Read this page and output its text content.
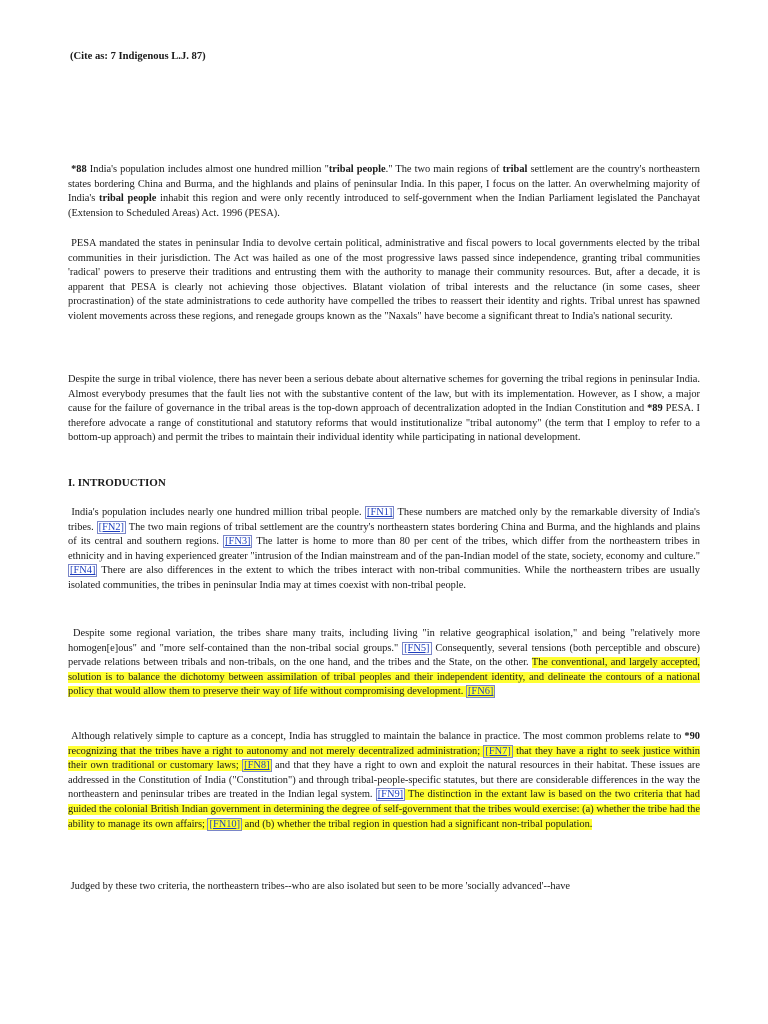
(Cite as: 7 Indigenous L.J. 87)

*88 India's population includes almost one hundred million "tribal people." The two main regions of tribal settlement are the country's northeastern states bordering China and Burma, and the highlands and plains of peninsular India. In this paper, I focus on the latter. An overwhelming majority of India's tribal people inhabit this region and were only recently introduced to self-government when the Indian Parliament legislated the Panchayat (Extension to Scheduled Areas) Act. 1996 (PESA).

PESA mandated the states in peninsular India to devolve certain political, administrative and fiscal powers to local governments elected by the tribal communities in their jurisdiction. The Act was hailed as one of the most progressive laws passed since independence, granting tribal communities 'radical' powers to preserve their traditions and entrusting them with the authority to manage their community resources. But, after a decade, it is apparent that PESA is clearly not achieving those objectives. Blatant violation of tribal interests and the reluctance (in some cases, sheer procrastination) of the state administrations to cede authority have compelled the tribes to reassert their identity and rights. Tribal unrest has spawned violent movements across these regions, and renegade groups known as the "Naxals" have become a significant threat to India's national security.

Despite the surge in tribal violence, there has never been a serious debate about alternative schemes for governing the tribal regions in peninsular India. Almost everybody presumes that the fault lies not with the substantive content of the law, but with its implementation. However, as I show, a major cause for the failure of governance in the tribal areas is the top-down approach of decentralization adopted in the Indian Constitution and *89 PESA. I therefore advocate a range of constitutional and statutory reforms that would institutionalize "tribal autonomy" (the term that I employ to refer to a bottom-up approach) and permit the tribes to maintain their individual identity while participating in national development.

I. INTRODUCTION

India's population includes nearly one hundred million tribal people. [FN1] These numbers are matched only by the remarkable diversity of India's tribes. [FN2] The two main regions of tribal settlement are the country's northeastern states bordering China and Burma, and the highlands and plains of its central and southern regions. [FN3] The latter is home to more than 80 per cent of the tribes, which differ from the northeastern tribes in ethnicity and in having experienced greater "intrusion of the Indian mainstream and of the pan-Indian model of the state, society, economy and culture." [FN4] There are also differences in the extent to which the tribes interact with non-tribal communities. While the northeastern tribes are usually isolated communities, the tribes in peninsular India may at times coexist with non-tribal people.

Despite some regional variation, the tribes share many traits, including living "in relative geographical isolation," and being "relatively more homogen[e]ous" and "more self-contained than the non-tribal social groups." [FN5] Consequently, several tensions (both perceptible and obscure) pervade relations between tribals and non-tribals, on the one hand, and the tribes and the State, on the other. The conventional, and largely accepted, solution is to balance the dichotomy between assimilation of tribal peoples and their independent identity, and delineate the contours of a national policy that would allow them to preserve their way of life without compromising development. [FN6]

Although relatively simple to capture as a concept, India has struggled to maintain the balance in practice. The most common problems relate to *90 recognizing that the tribes have a right to autonomy and not merely decentralized administration; [FN7] that they have a right to seek justice within their own traditional or customary laws; [FN8] and that they have a right to own and exploit the natural resources in their habitat. These issues are addressed in the Constitution of India ("Constitution") and through tribal-people-specific statutes, but there are considerable differences in the way the northeastern and peninsular tribes are treated in the Indian legal system. [FN9] The distinction in the extant law is based on the two criteria that had guided the colonial British Indian government in determining the degree of self-government that the tribes would exercise: (a) whether the tribe had the ability to manage its own affairs; [FN10] and (b) whether the tribal region in question had a significant non-tribal population.

Judged by these two criteria, the northeastern tribes--who are also isolated but seen to be more 'socially advanced'--have
